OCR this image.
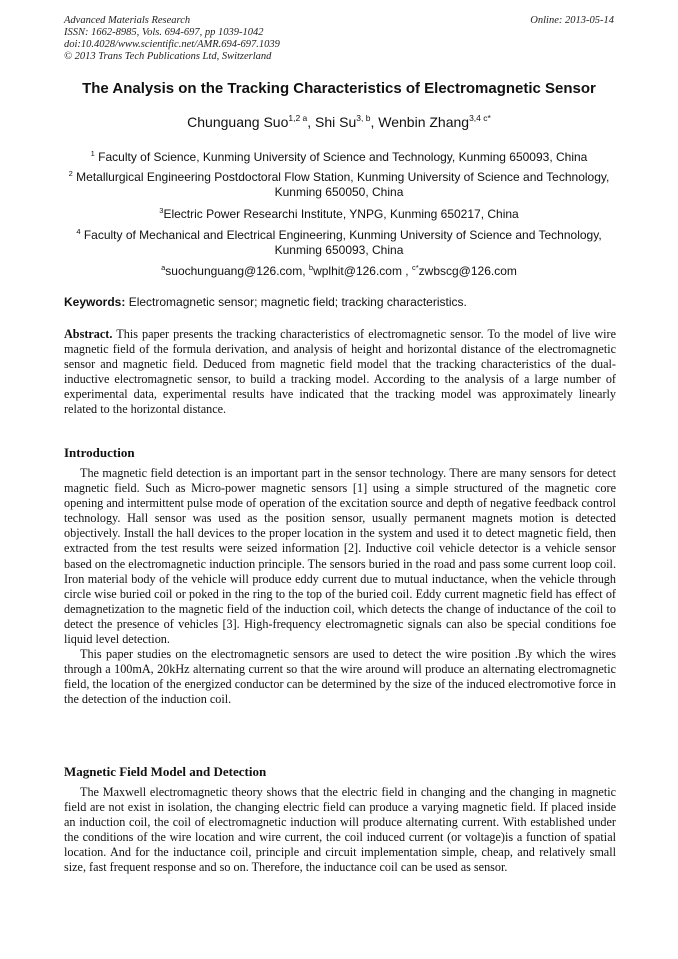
Advanced Materials Research
ISSN: 1662-8985, Vols. 694-697, pp 1039-1042
doi:10.4028/www.scientific.net/AMR.694-697.1039
© 2013 Trans Tech Publications Ltd, Switzerland
Online: 2013-05-14
The Analysis on the Tracking Characteristics of Electromagnetic Sensor
Chunguang Suo$^{1,2 a}$, Shi Su$^{3, b}$, Wenbin Zhang$^{3,4 c*}$
$^1$ Faculty of Science, Kunming University of Science and Technology, Kunming 650093, China
$^2$ Metallurgical Engineering Postdoctoral Flow Station, Kunming University of Science and Technology, Kunming 650050, China
$^3$Electric Power Researchi Institute, YNPG, Kunming 650217, China
$^4$ Faculty of Mechanical and Electrical Engineering, Kunming University of Science and Technology, Kunming 650093, China
$^a$suochunguang@126.com, $^b$wplhit@126.com , $^{c*}$zwbscg@126.com
Keywords: Electromagnetic sensor; magnetic field; tracking characteristics.

Abstract. This paper presents the tracking characteristics of electromagnetic sensor. To the model of live wire magnetic field of the formula derivation, and analysis of height and horizontal distance of the electromagnetic sensor and magnetic field. Deduced from magnetic field model that the tracking characteristics of the dual-inductive electromagnetic sensor, to build a tracking model. According to the analysis of a large number of experimental data, experimental results have indicated that the tracking model was approximately linearly related to the horizontal distance.

Introduction

The magnetic field detection is an important part in the sensor technology. There are many sensors for detect magnetic field. Such as Micro-power magnetic sensors [1] using a simple structured of the magnetic core opening and intermittent pulse mode of operation of the excitation source and depth of negative feedback control technology. Hall sensor was used as the position sensor, usually permanent magnets motion is detected objectively. Install the hall devices to the proper location in the system and used it to detect magnetic field, then extracted from the test results were seized information [2]. Inductive coil vehicle detector is a vehicle sensor based on the electromagnetic induction principle. The sensors buried in the road and pass some current loop coil. Iron material body of the vehicle will produce eddy current due to mutual inductance, when the vehicle through circle wise buried coil or poked in the ring to the top of the buried coil. Eddy current magnetic field has effect of demagnetization to the magnetic field of the induction coil, which detects the change of inductance of the coil to detect the presence of vehicles [3]. High-frequency electromagnetic signals can also be special conditions foe liquid level detection.

This paper studies on the electromagnetic sensors are used to detect the wire position .By which the wires through a 100mA, 20kHz alternating current so that the wire around will produce an alternating electromagnetic field, the location of the energized conductor can be determined by the size of the induced electromotive force in the detection of the induction coil.

Magnetic Field Model and Detection

The Maxwell electromagnetic theory shows that the electric field in changing and the changing in magnetic field are not exist in isolation, the changing electric field can produce a varying magnetic field. If placed inside an induction coil, the coil of electromagnetic induction will produce alternating current. With established under the conditions of the wire location and wire current, the coil induced current (or voltage)is a function of spatial location. And for the inductance coil, principle and circuit implementation simple, cheap, and relatively small size, fast frequent response and so on. Therefore, the inductance coil can be used as sensor.
